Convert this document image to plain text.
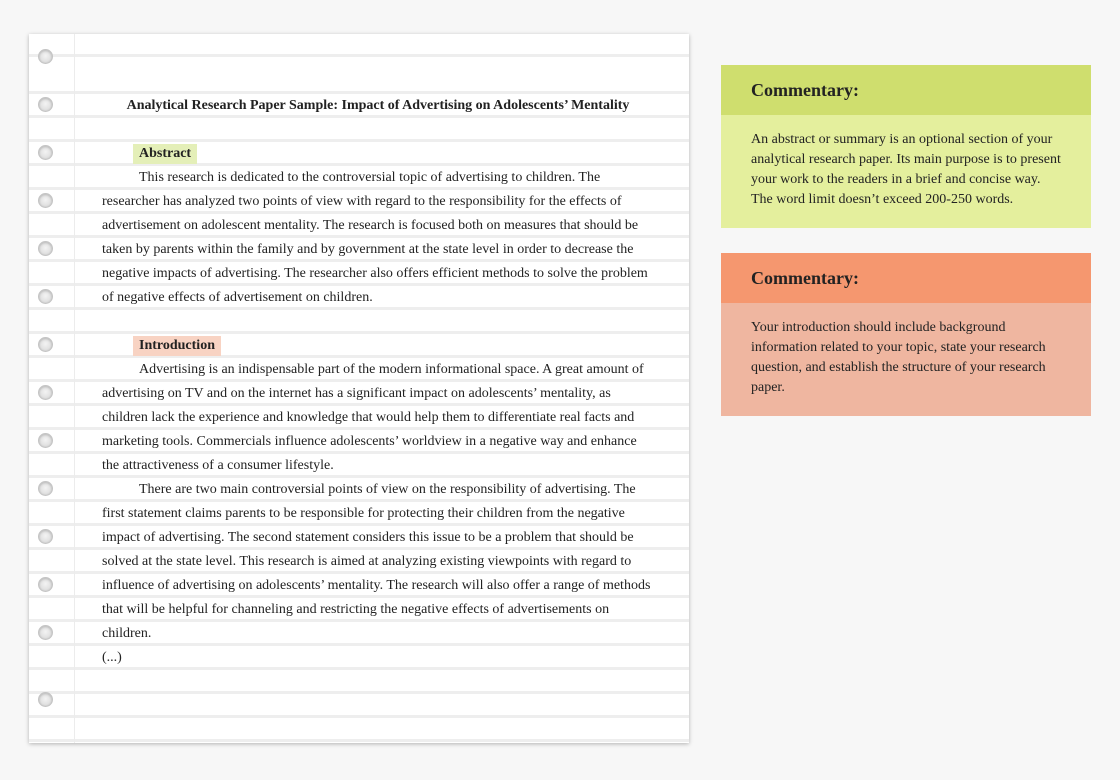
Analytical Research Paper Sample: Impact of Advertising on Adolescents’ Mentality
Abstract

This research is dedicated to the controversial topic of advertising to children. The researcher has analyzed two points of view with regard to the responsibility for the effects of advertisement on adolescent mentality. The research is focused both on measures that should be taken by parents within the family and by government at the state level in order to decrease the negative impacts of advertising. The researcher also offers efficient methods to solve the problem of negative effects of advertisement on children.

Introduction

Advertising is an indispensable part of the modern informational space. A great amount of advertising on TV and on the internet has a significant impact on adolescents’ mentality, as children lack the experience and knowledge that would help them to differentiate real facts and marketing tools. Commercials influence adolescents’ worldview in a negative way and enhance the attractiveness of a consumer lifestyle.

There are two main controversial points of view on the responsibility of advertising. The first statement claims parents to be responsible for protecting their children from the negative impact of advertising. The second statement considers this issue to be a problem that should be solved at the state level. This research is aimed at analyzing existing viewpoints with regard to influence of advertising on adolescents’ mentality. The research will also offer a range of methods that will be helpful for channeling and restricting the negative effects of advertisements on children.

(...)

Commentary:
An abstract or summary is an optional section of your analytical research paper. Its main purpose is to present your work to the readers in a brief and concise way. The word limit doesn’t exceed 200-250 words.
Commentary:
Your introduction should include background information related to your topic, state your research question, and establish the structure of your research paper.
